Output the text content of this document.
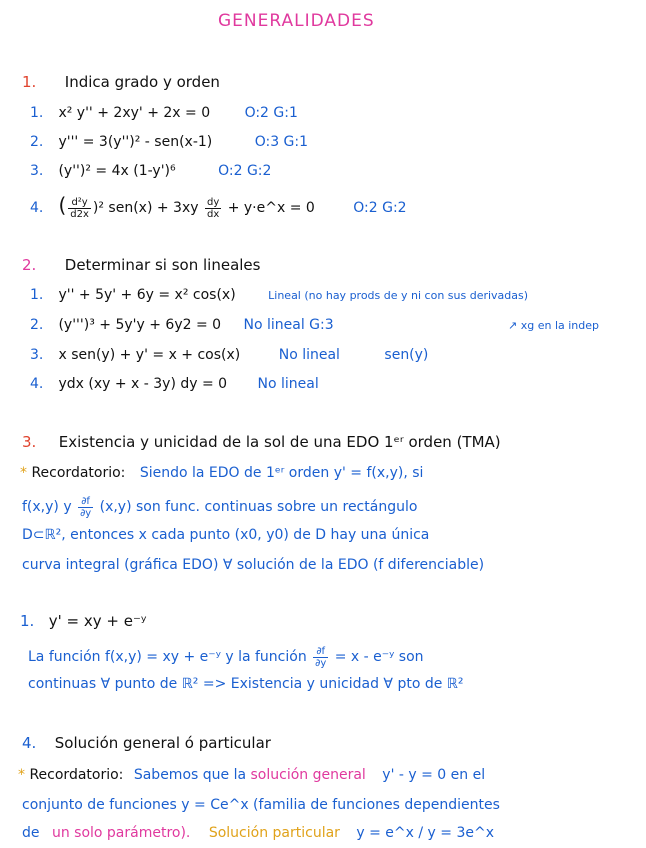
GENERALIDADES
1. Indica grado y orden
1. x² y'' + 2xy' + 2x = 0 O:2 G:1
2. y''' = 3(y'')² - sen(x-1)	O:3 G:1
3. (y'')² = 4x (1-y')⁶	O:2 G:2
4. ( $\frac{\text{d²y}}{d2x} )^2$ $sen(x) + 3xy \frac{dy}{dx}$ + y·e^x = 0	O:2 G:2
2. Determinar si son lineales
1. y'' + 5y' + 6y = x² cos(x)	Lineal (no hay prods de y ni con sus derivadas)
↗ xg en la indep
2. (y''')³ + 5y'y + 6y2 = 0 No lineal G:3
3. x sen(y) + y' = x + cos(x)	No lineal	sen(y)
4. ydx (xy + x - 3y) dy = 0 No lineal
3. Existencia y unicidad de la sol de una EDO 1ᵉʳ orden (TMA)
* Recordatorio: Siendo la EDO de 1ᵉʳ orden y' = f(x,y), si
f(x,y) y $\frac{\partial f}{\partial y} (x,y)$ son func. continuas sobre un rectángulo
D⊂ℝ², entonces x cada punto (x0, y0) de D hay una única
curva integral (gráfica EDO) ∀ solución de la EDO (f diferenciable)
1. y' = xy + e⁻ʸ
La función f(x,y) = xy + e⁻ʸ y la función $\frac{\partial f}{\partial y} = x$ - e⁻ʸ son
continuas ∀ punto de ℝ² => Existencia y unicidad ∀ pto de ℝ²
4. Solución general ó particular
* Recordatorio: Sabemos que la solución general y' - y = 0 en el
conjunto de funciones y = Ce^x (familia de funciones dependientes
de un solo parámetro). Solución particular y = e^x / y = 3e^x
